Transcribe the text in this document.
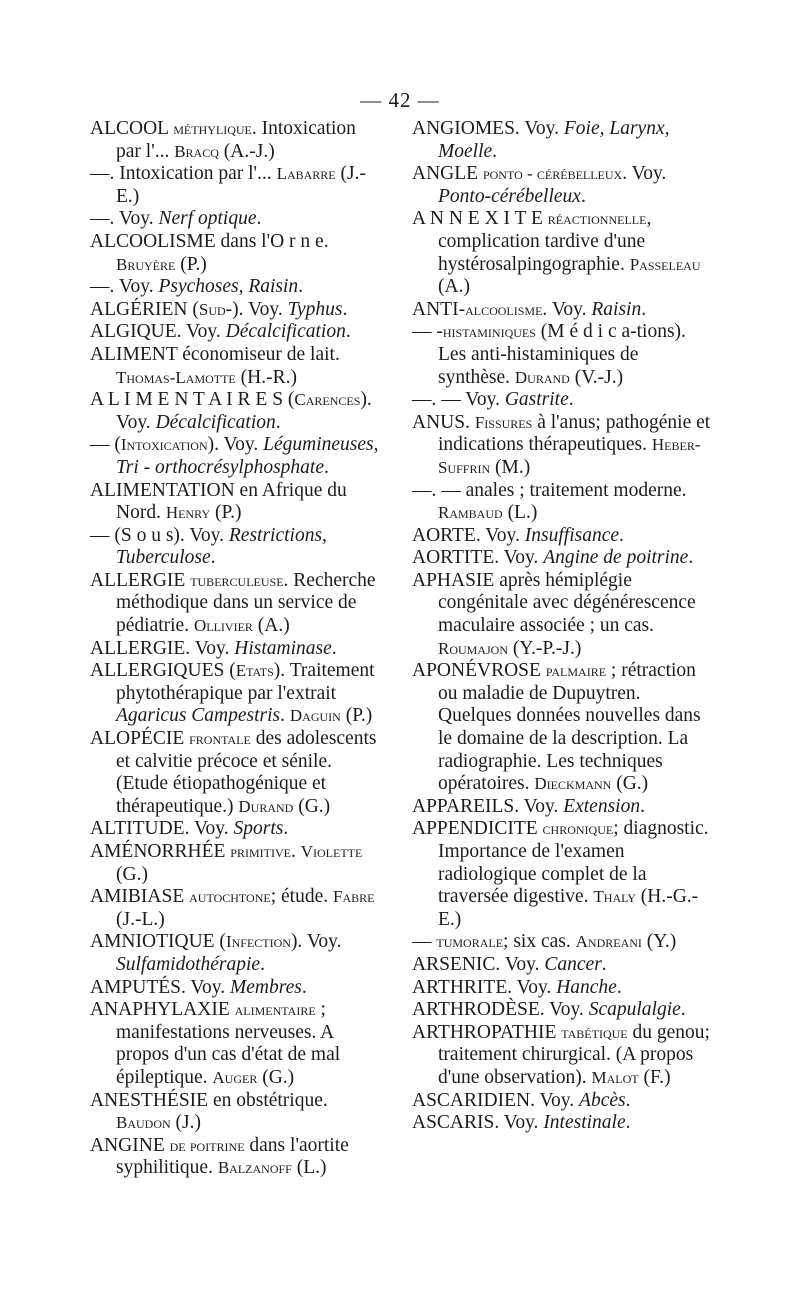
— 42 —

ALCOOL méthylique. Intoxication par l'... Bracq (A.-J.)

—. Intoxication par l'... Labarre (J.-E.)

—. Voy. Nerf optique.

ALCOOLISME dans l'O r n e. Bruyère (P.)

—. Voy. Psychoses, Raisin.

ALGÉRIEN (Sud-). Voy. Typhus.

ALGIQUE. Voy. Décalcification.

ALIMENT économiseur de lait. Thomas-Lamotte (H.-R.)

A L I M E N T A I R E S (Carences). Voy. Décalcification.

— (Intoxication). Voy. Légumineuses, Tri - orthocrésylphosphate.

ALIMENTATION en Afrique du Nord. Henry (P.)

— (S o u s). Voy. Restrictions, Tuberculose.

ALLERGIE tuberculeuse. Recherche méthodique dans un service de pédiatrie. Ollivier (A.)

ALLERGIE. Voy. Histaminase.

ALLERGIQUES (Etats). Traitement phytothérapique par l'extrait Agaricus Campestris. Daguin (P.)

ALOPÉCIE frontale des adolescents et calvitie précoce et sénile. (Etude étiopathogénique et thérapeutique.) Durand (G.)

ALTITUDE. Voy. Sports.

AMÉNORRHÉE primitive. Violette (G.)

AMIBIASE autochtone; étude. Fabre (J.-L.)

AMNIOTIQUE (Infection). Voy. Sulfamidothérapie.

AMPUTÉS. Voy. Membres.

ANAPHYLAXIE alimentaire ; manifestations nerveuses. A propos d'un cas d'état de mal épileptique. Auger (G.)

ANESTHÉSIE en obstétrique. Baudon (J.)

ANGINE de poitrine dans l'aortite syphilitique. Balzanoff (L.)

ANGIOMES. Voy. Foie, Larynx, Moelle.

ANGLE ponto - cérébelleux. Voy. Ponto-cérébelleux.

A N N E X I T E réactionnelle, complication tardive d'une hystérosalpingographie. Passeleau (A.)

ANTI-alcoolisme. Voy. Raisin.

— -histaminiques (M é d i c a-tions). Les anti-histaminiques de synthèse. Durand (V.-J.)

—. — Voy. Gastrite.

ANUS. Fissures à l'anus; pathogénie et indications thérapeutiques. Heber-Suffrin (M.)

—. — anales ; traitement moderne. Rambaud (L.)

AORTE. Voy. Insuffisance.

AORTITE. Voy. Angine de poitrine.

APHASIE après hémiplégie congénitale avec dégénérescence maculaire associée ; un cas. Roumajon (Y.-P.-J.)

APONÉVROSE palmaire ; rétraction ou maladie de Dupuytren. Quelques données nouvelles dans le domaine de la description. La radiographie. Les techniques opératoires. Dieckmann (G.)

APPAREILS. Voy. Extension.

APPENDICITE chronique; diagnostic. Importance de l'examen radiologique complet de la traversée digestive. Thaly (H.-G.-E.)

— tumorale; six cas. Andreani (Y.)

ARSENIC. Voy. Cancer.

ARTHRITE. Voy. Hanche.

ARTHRODÈSE. Voy. Scapulalgie.

ARTHROPATHIE tabétique du genou; traitement chirurgical. (A propos d'une observation). Malot (F.)

ASCARIDIEN. Voy. Abcès.

ASCARIS. Voy. Intestinale.
